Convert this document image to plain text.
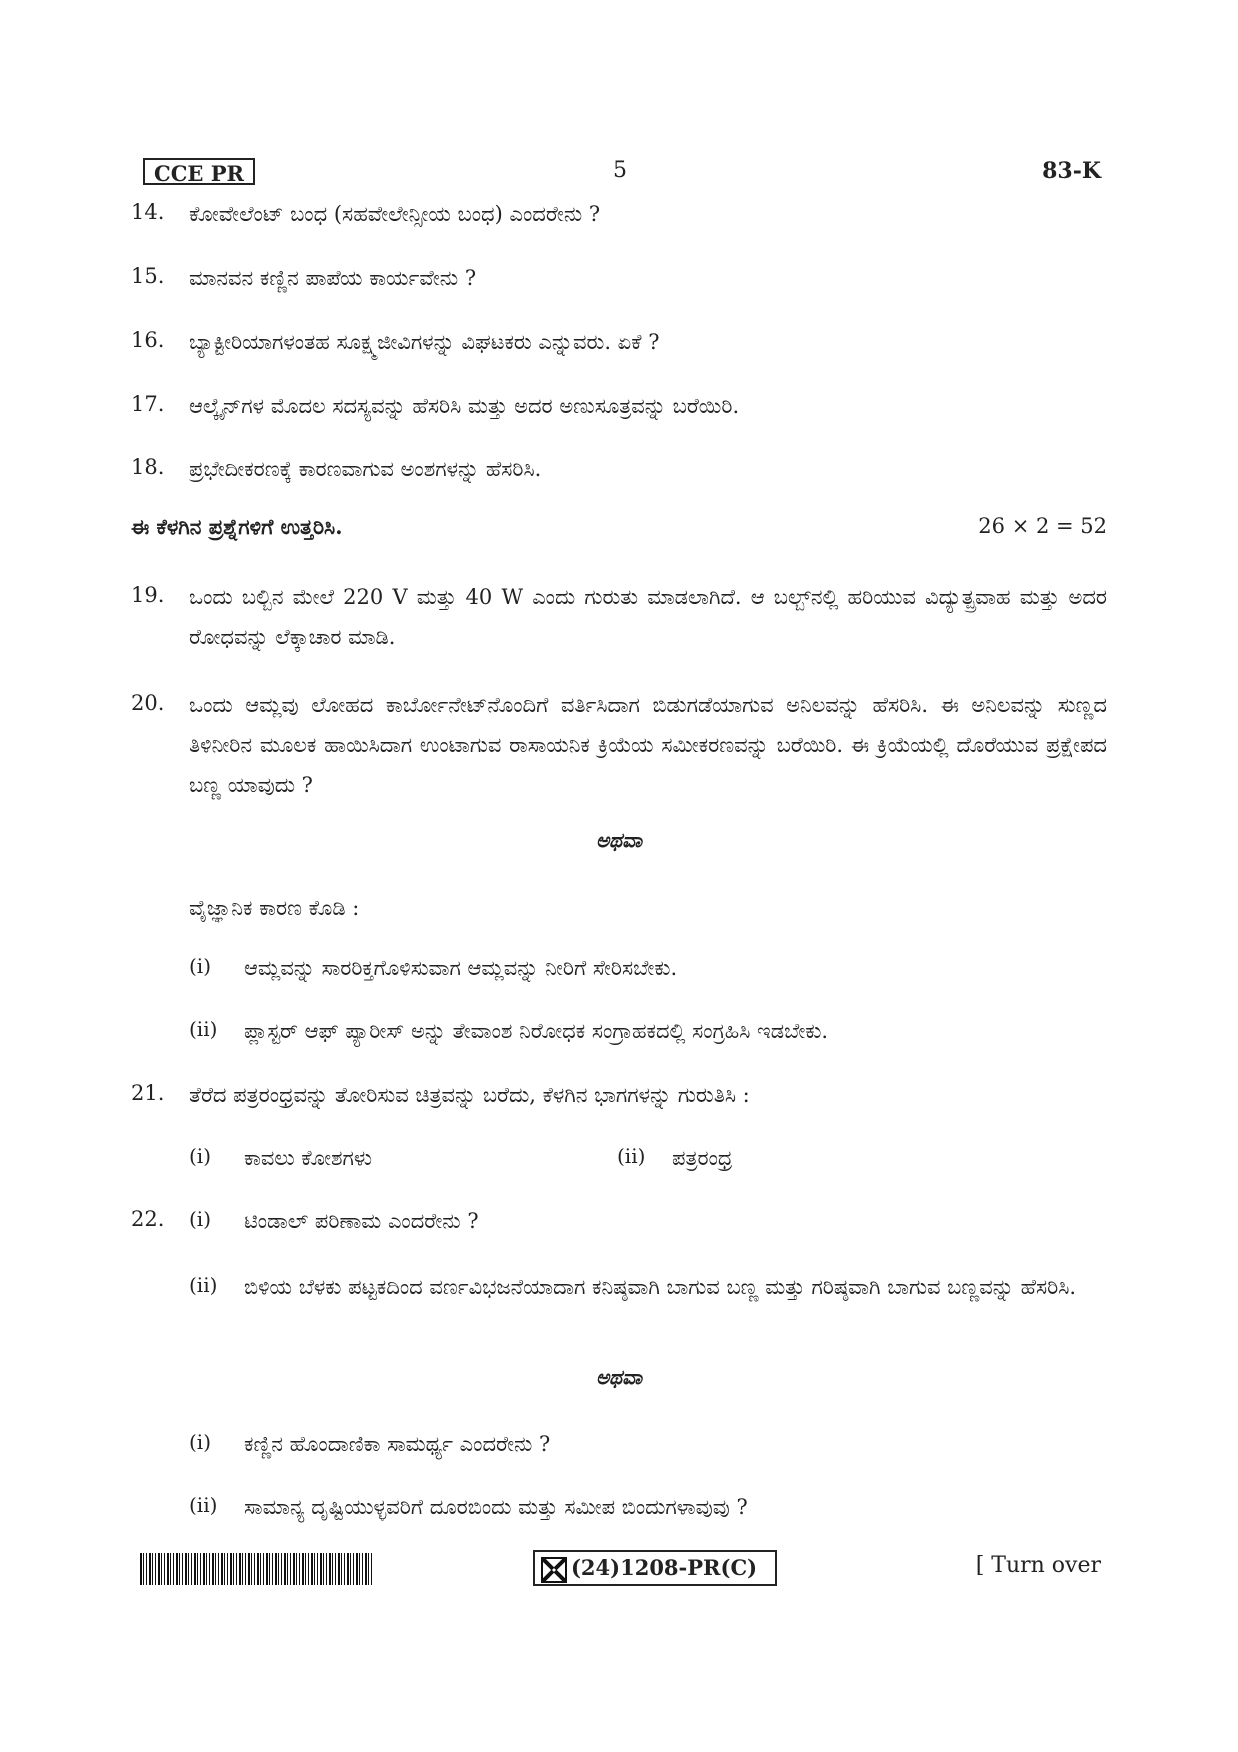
CCE PR	5	83-K
14. ಕೋವೇಲೆಂಟ್ ಬಂಧ (ಸಹವೇಲೇನ್ಸೀಯ ಬಂಧ) ಎಂದರೇನು ?
15. ಮಾನವನ ಕಣ್ಣಿನ ಪಾಪೆಯ ಕಾರ್ಯವೇನು ?
16. ಬ್ಯಾಕ್ಟೀರಿಯಾಗಳಂತಹ ಸೂಕ್ಷ್ಮಜೀವಿಗಳನ್ನು ವಿಘಟಕರು ಎನ್ನುವರು. ಏಕೆ ?
17. ಆಲ್ಕೈನ್‌ಗಳ ಮೊದಲ ಸದಸ್ಯವನ್ನು ಹೆಸರಿಸಿ ಮತ್ತು ಅದರ ಅಣುಸೂತ್ರವನ್ನು ಬರೆಯಿರಿ.
18. ಪ್ರಭೇದೀಕರಣಕ್ಕೆ ಕಾರಣವಾಗುವ ಅಂಶಗಳನ್ನು ಹೆಸರಿಸಿ.
ಈ ಕೆಳಗಿನ ಪ್ರಶ್ನೆಗಳಿಗೆ ಉತ್ತರಿಸಿ.	26 × 2 = 52
19. ಒಂದು ಬಲ್ಬಿನ ಮೇಲೆ 220 V ಮತ್ತು 40 W ಎಂದು ಗುರುತು ಮಾಡಲಾಗಿದೆ. ಆ ಬಲ್ಬ್‌ನಲ್ಲಿ ಹರಿಯುವ ವಿದ್ಯುತ್ಪ್ರವಾಹ ಮತ್ತು ಅದರ ರೋಧವನ್ನು ಲೆಕ್ಕಾಚಾರ ಮಾಡಿ.
20. ಒಂದು ಆಮ್ಲವು ಲೋಹದ ಕಾರ್ಬೋನೇಟ್‌ನೊಂದಿಗೆ ವರ್ತಿಸಿದಾಗ ಬಿಡುಗಡೆಯಾಗುವ ಅನಿಲವನ್ನು ಹೆಸರಿಸಿ. ಈ ಅನಿಲವನ್ನು ಸುಣ್ಣದ ತಿಳಿನೀರಿನ ಮೂಲಕ ಹಾಯಿಸಿದಾಗ ಉಂಟಾಗುವ ರಾಸಾಯನಿಕ ಕ್ರಿಯೆಯ ಸಮೀಕರಣವನ್ನು ಬರೆಯಿರಿ. ಈ ಕ್ರಿಯೆಯಲ್ಲಿ ದೊರೆಯುವ ಪ್ರಕ್ಷೇಪದ ಬಣ್ಣ ಯಾವುದು ?
ಅಥವಾ
ವೈಜ್ಞಾನಿಕ ಕಾರಣ ಕೊಡಿ :
(i) ಆಮ್ಲವನ್ನು ಸಾರರಿಕ್ತಗೊಳಿಸುವಾಗ ಆಮ್ಲವನ್ನು ನೀರಿಗೆ ಸೇರಿಸಬೇಕು.
(ii) ಪ್ಲಾಸ್ಟರ್ ಆಫ್ ಪ್ಯಾರೀಸ್ ಅನ್ನು ತೇವಾಂಶ ನಿರೋಧಕ ಸಂಗ್ರಾಹಕದಲ್ಲಿ ಸಂಗ್ರಹಿಸಿ ಇಡಬೇಕು.
21. ತೆರೆದ ಪತ್ರರಂಧ್ರವನ್ನು ತೋರಿಸುವ ಚಿತ್ರವನ್ನು ಬರೆದು, ಕೆಳಗಿನ ಭಾಗಗಳನ್ನು ಗುರುತಿಸಿ :
(i) ಕಾವಲು ಕೋಶಗಳು	(ii) ಪತ್ರರಂಧ್ರ
22. (i) ಟಿಂಡಾಲ್ ಪರಿಣಾಮ ಎಂದರೇನು ?
(ii) ಬಿಳಿಯ ಬೆಳಕು ಪಟ್ಟಕದಿಂದ ವರ್ಣವಿಭಜನೆಯಾದಾಗ ಕನಿಷ್ಠವಾಗಿ ಬಾಗುವ ಬಣ್ಣ ಮತ್ತು ಗರಿಷ್ಠವಾಗಿ ಬಾಗುವ ಬಣ್ಣವನ್ನು ಹೆಸರಿಸಿ.
ಅಥವಾ
(i) ಕಣ್ಣಿನ ಹೊಂದಾಣಿಕಾ ಸಾಮರ್ಥ್ಯ ಎಂದರೇನು ?
(ii) ಸಾಮಾನ್ಯ ದೃಷ್ಟಿಯುಳ್ಳವರಿಗೆ ದೂರಬಿಂದು ಮತ್ತು ಸಮೀಪ ಬಿಂದುಗಳಾವುವು ?
(24)1208-PR(C)	[ Turn over
